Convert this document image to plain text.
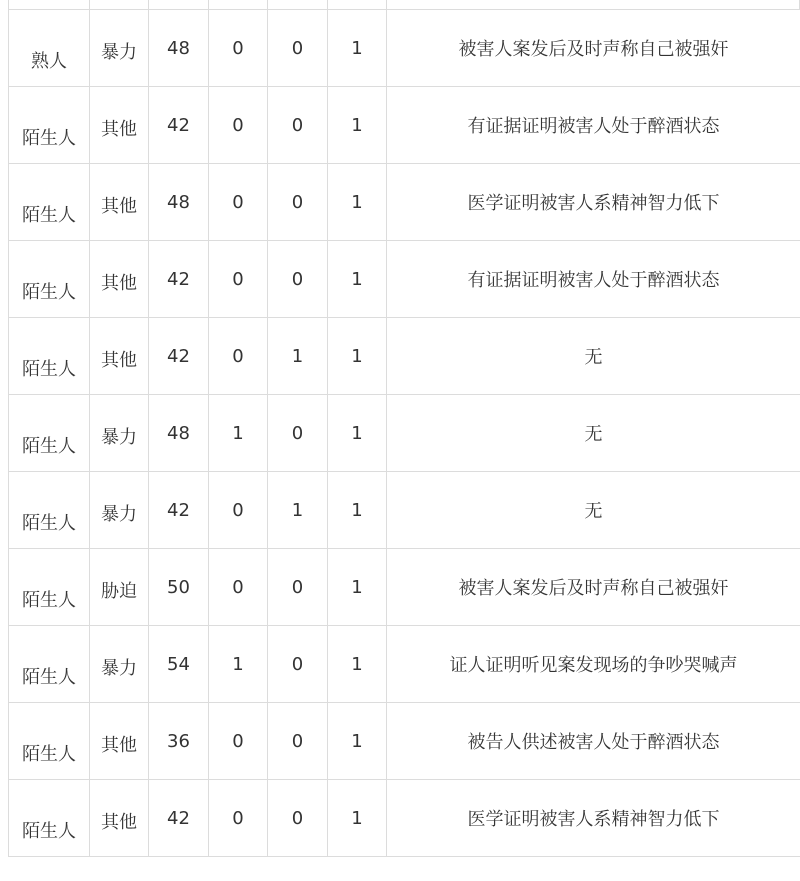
熟人	暴力	48	0	0	1	被害人案发后及时声称自己被强奸

陌生人	其他	42	0	0	1	有证据证明被害人处于醉酒状态

陌生人	其他	48	0	0	1	医学证明被害人系精神智力低下

陌生人	其他	42	0	0	1	有证据证明被害人处于醉酒状态

陌生人	其他	42	0	1	1	无

陌生人	暴力	48	1	0	1	无

陌生人	暴力	42	0	1	1	无

陌生人	胁迫	50	0	0	1	被害人案发后及时声称自己被强奸

陌生人	暴力	54	1	0	1	证人证明听见案发现场的争吵哭喊声

陌生人	其他	36	0	0	1	被告人供述被害人处于醉酒状态

陌生人	其他	42	0	0	1	医学证明被害人系精神智力低下
